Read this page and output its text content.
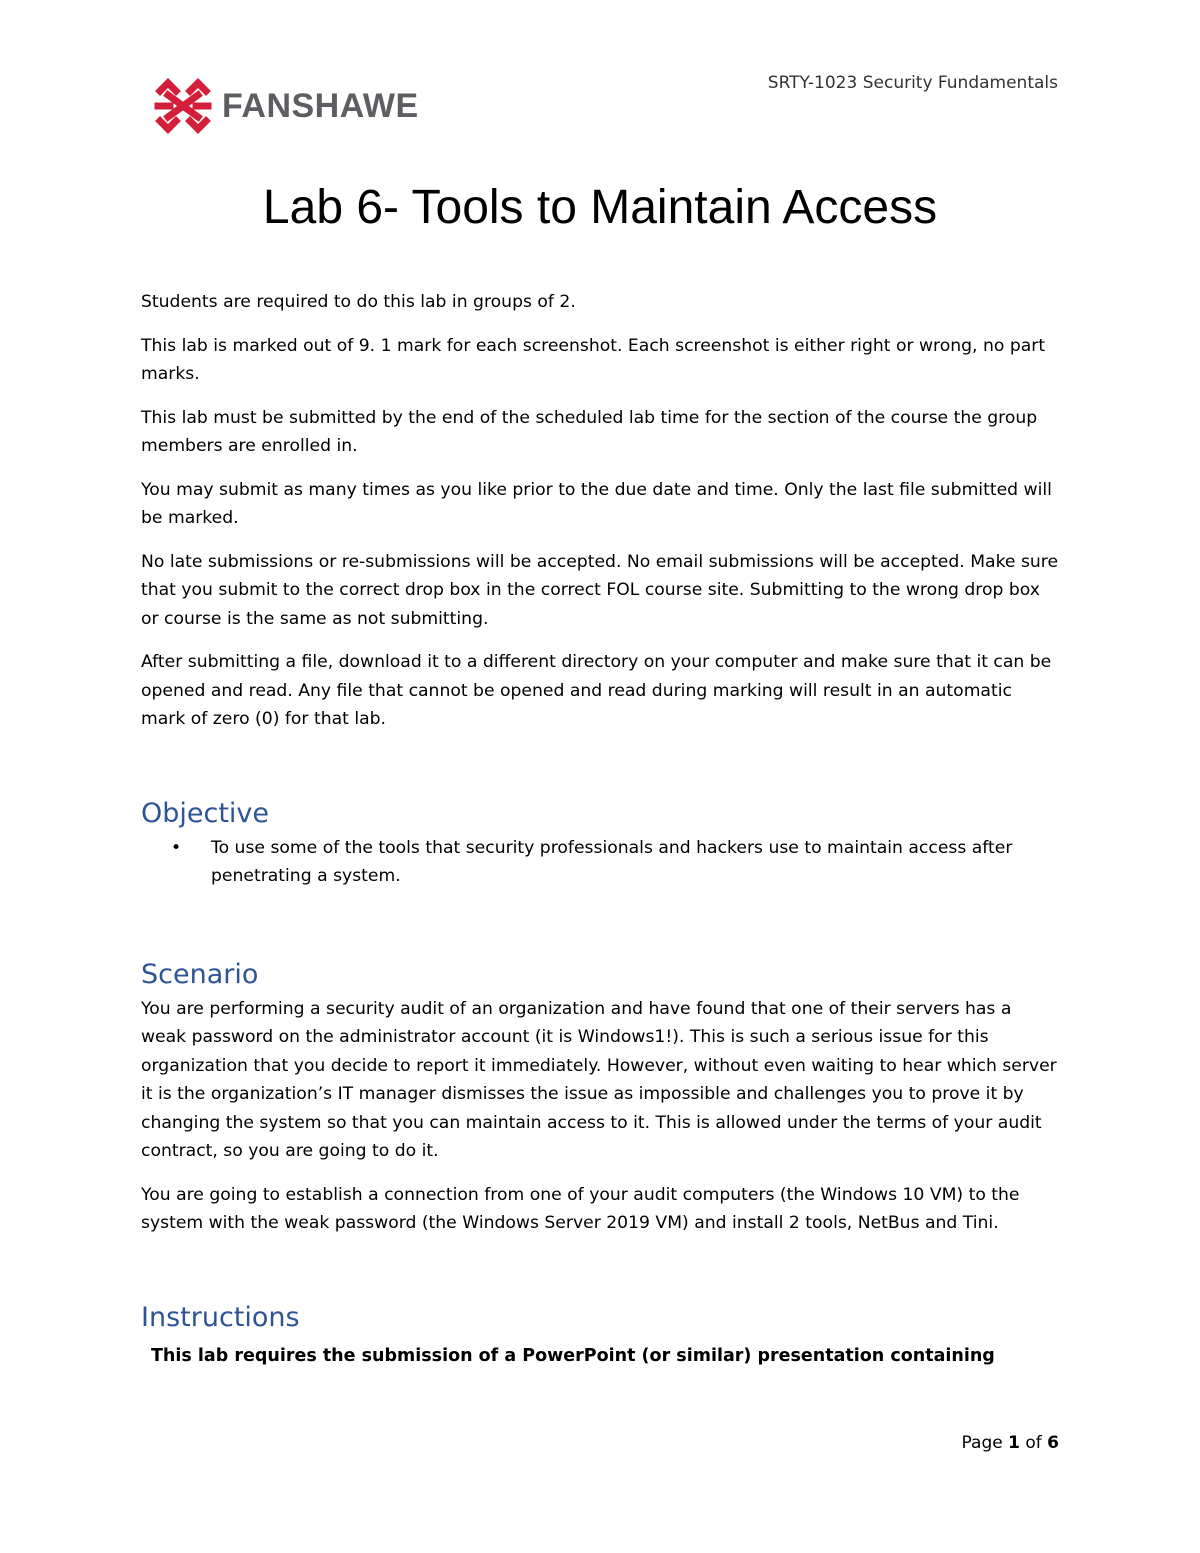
FANSHAWE
SRTY-1023 Security Fundamentals
Lab 6- Tools to Maintain Access

Students are required to do this lab in groups of 2.

This lab is marked out of 9. 1 mark for each screenshot. Each screenshot is either right or wrong, no part marks.

This lab must be submitted by the end of the scheduled lab time for the section of the course the group members are enrolled in.

You may submit as many times as you like prior to the due date and time. Only the last file submitted will be marked.

No late submissions or re-submissions will be accepted. No email submissions will be accepted. Make sure that you submit to the correct drop box in the correct FOL course site. Submitting to the wrong drop box or course is the same as not submitting.

After submitting a file, download it to a different directory on your computer and make sure that it can be opened and read. Any file that cannot be opened and read during marking will result in an automatic mark of zero (0) for that lab.

Objective
• To use some of the tools that security professionals and hackers use to maintain access after penetrating a system.
Scenario

You are performing a security audit of an organization and have found that one of their servers has a weak password on the administrator account (it is Windows1!). This is such a serious issue for this organization that you decide to report it immediately. However, without even waiting to hear which server it is the organization’s IT manager dismisses the issue as impossible and challenges you to prove it by changing the system so that you can maintain access to it. This is allowed under the terms of your audit contract, so you are going to do it.

You are going to establish a connection from one of your audit computers (the Windows 10 VM) to the system with the weak password (the Windows Server 2019 VM) and install 2 tools, NetBus and Tini.

Instructions

This lab requires the submission of a PowerPoint (or similar) presentation containing

Page 1 of 6
